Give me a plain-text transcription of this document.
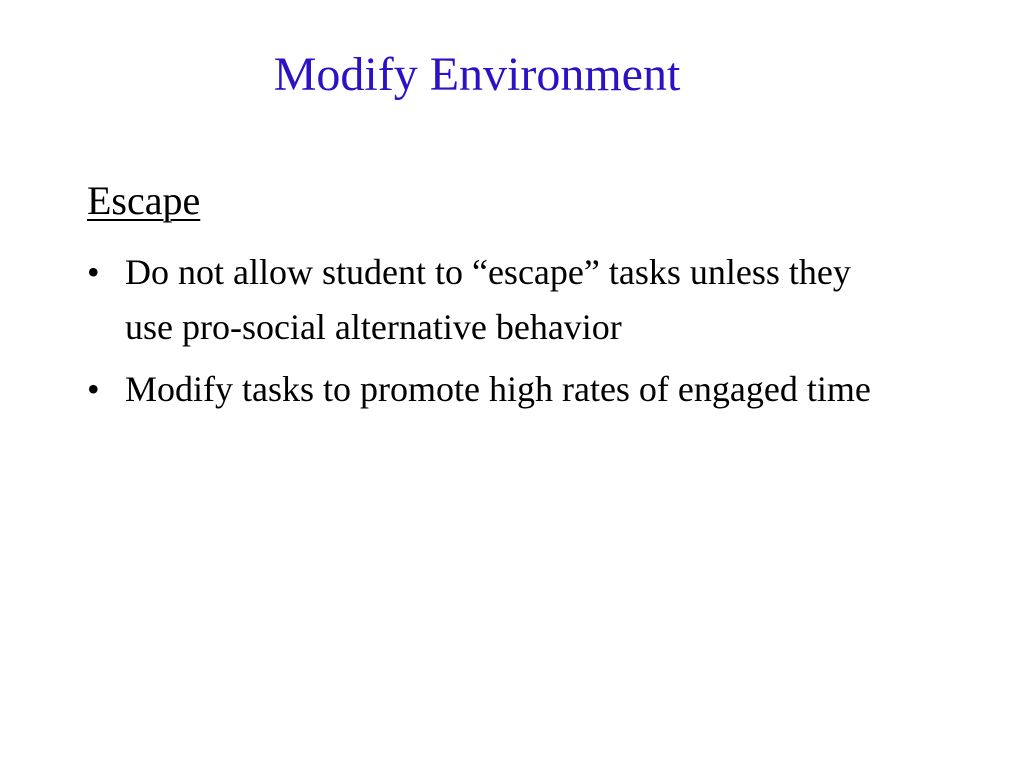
Modify Environment
Escape
• Do not allow student to “escape” tasks unless they use pro-social alternative behavior
• Modify tasks to promote high rates of engaged time
